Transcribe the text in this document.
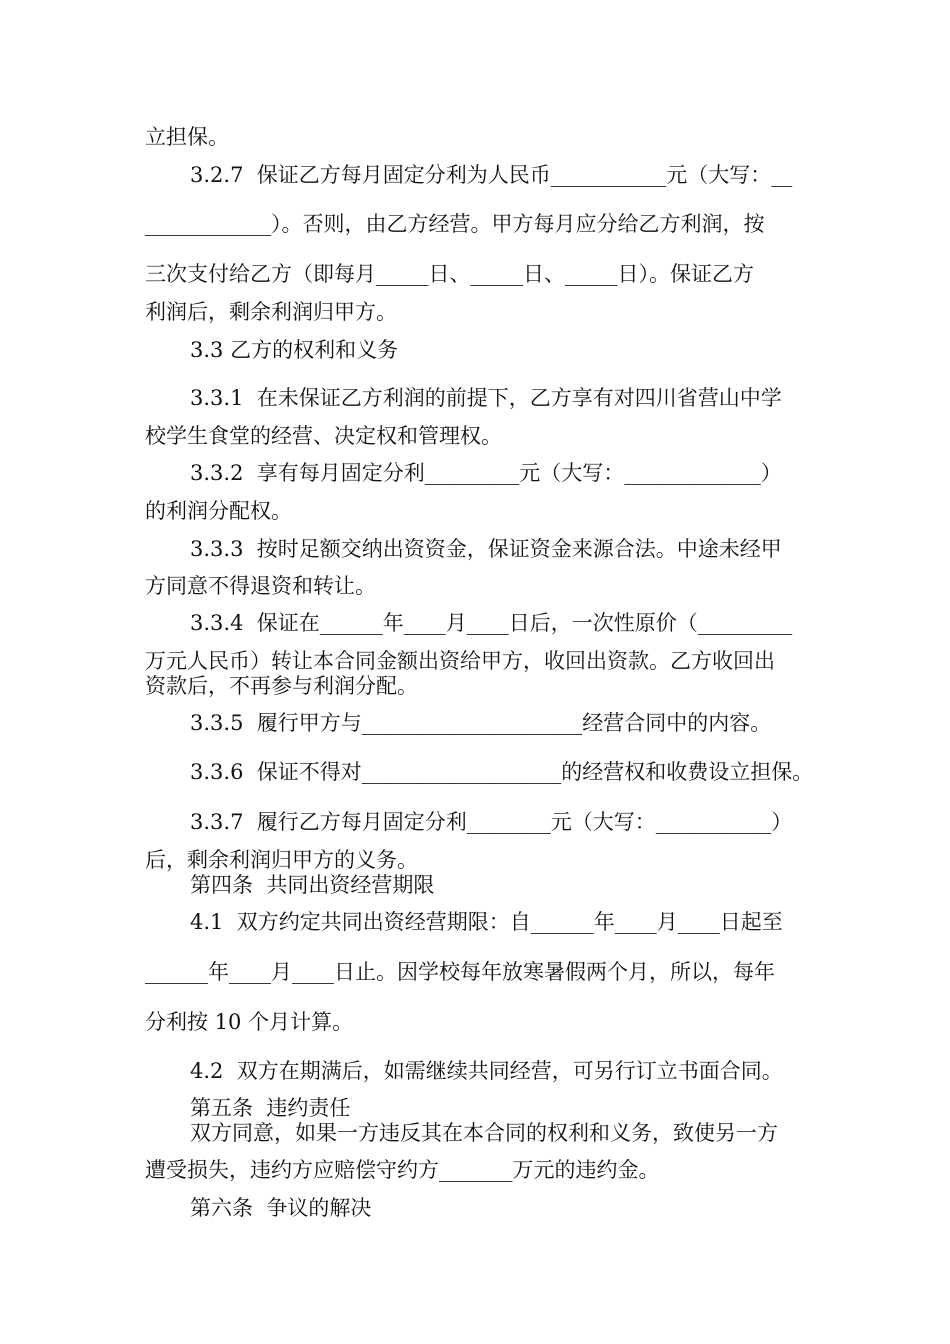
立担保。

3.2.7  保证乙方每月固定分利为人民币___________元（大写：__

____________）。否则，由乙方经营。甲方每月应分给乙方利润，按

三次支付给乙方（即每月_____日、_____日、_____日）。保证乙方

利润后，剩余利润归甲方。

3.3 乙方的权利和义务

3.3.1  在未保证乙方利润的前提下，乙方享有对四川省营山中学

校学生食堂的经营、决定权和管理权。

3.3.2  享有每月固定分利_________元（大写：_____________）

的利润分配权。

3.3.3  按时足额交纳出资资金，保证资金来源合法。中途未经甲

方同意不得退资和转让。

3.3.4  保证在______年____月____日后，一次性原价（_________

万元人民币）转让本合同金额出资给甲方，收回出资款。乙方收回出

资款后，不再参与利润分配。

3.3.5  履行甲方与_____________________经营合同中的内容。

3.3.6  保证不得对___________________的经营权和收费设立担保。

3.3.7  履行乙方每月固定分利________元（大写：___________）

后，剩余利润归甲方的义务。

第四条  共同出资经营期限

4.1  双方约定共同出资经营期限：自______年____月____日起至

______年____月____日止。因学校每年放寒暑假两个月，所以，每年

分利按 10 个月计算。

4.2  双方在期满后，如需继续共同经营，可另行订立书面合同。

第五条  违约责任

双方同意，如果一方违反其在本合同的权利和义务，致使另一方

遭受损失，违约方应赔偿守约方_______万元的违约金。

第六条  争议的解决
